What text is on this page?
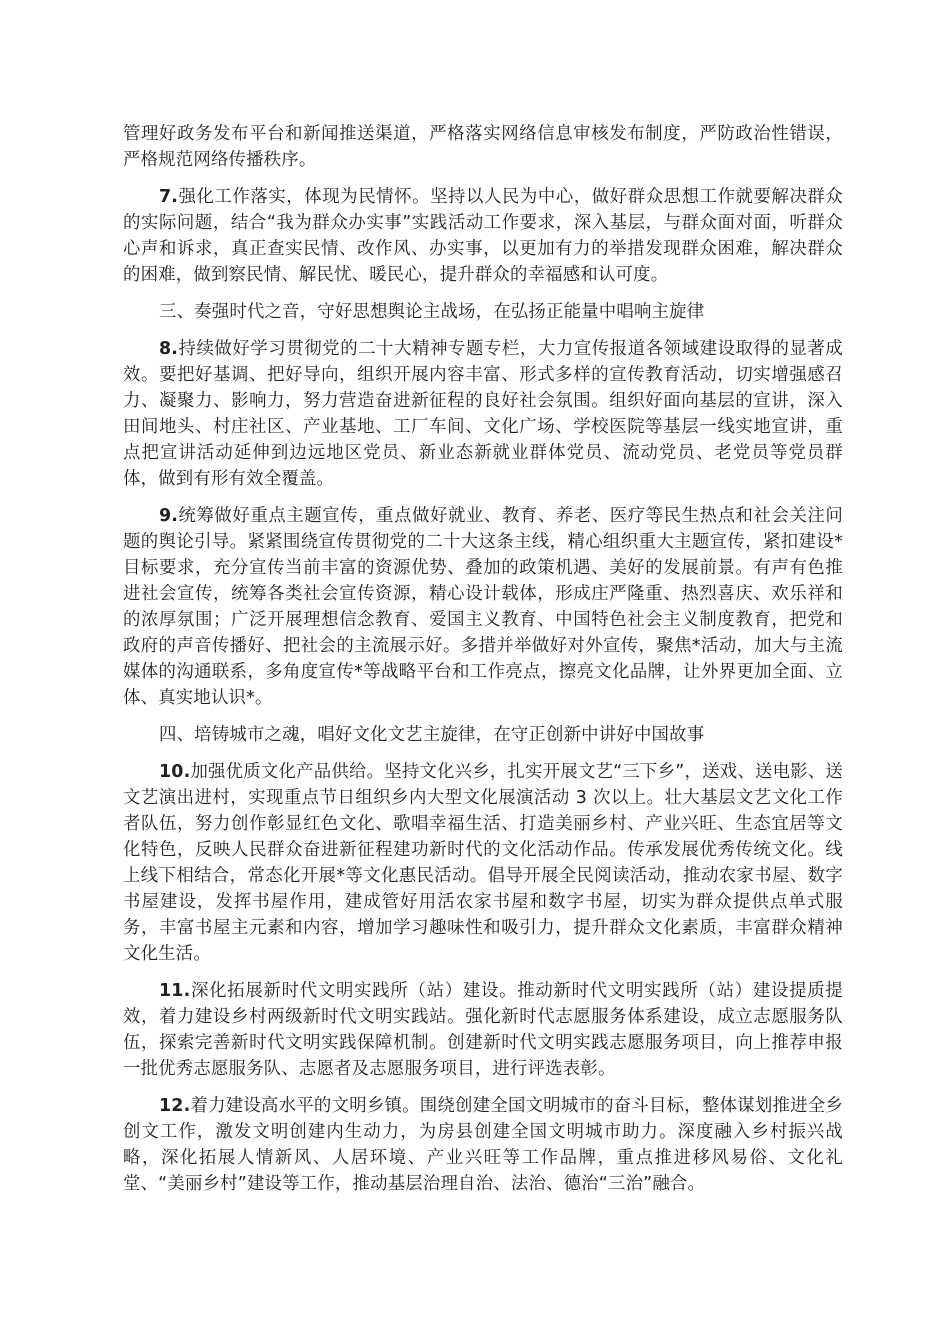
管理好政务发布平台和新闻推送渠道，严格落实网络信息审核发布制度，严防政治性错误，严格规范网络传播秩序。

7.强化工作落实，体现为民情怀。坚持以人民为中心，做好群众思想工作就要解决群众的实际问题，结合“我为群众办实事”实践活动工作要求，深入基层，与群众面对面，听群众心声和诉求，真正查实民情、改作风、办实事，以更加有力的举措发现群众困难，解决群众的困难，做到察民情、解民忧、暖民心，提升群众的幸福感和认可度。

三、奏强时代之音，守好思想舆论主战场，在弘扬正能量中唱响主旋律

8.持续做好学习贯彻党的二十大精神专题专栏，大力宣传报道各领域建设取得的显著成效。要把好基调、把好导向，组织开展内容丰富、形式多样的宣传教育活动，切实增强感召力、凝聚力、影响力，努力营造奋进新征程的良好社会氛围。组织好面向基层的宣讲，深入田间地头、村庄社区、产业基地、工厂车间、文化广场、学校医院等基层一线实地宣讲，重点把宣讲活动延伸到边远地区党员、新业态新就业群体党员、流动党员、老党员等党员群体，做到有形有效全覆盖。

9.统筹做好重点主题宣传，重点做好就业、教育、养老、医疗等民生热点和社会关注问题的舆论引导。紧紧围绕宣传贯彻党的二十大这条主线，精心组织重大主题宣传，紧扣建设*目标要求，充分宣传当前丰富的资源优势、叠加的政策机遇、美好的发展前景。有声有色推进社会宣传，统筹各类社会宣传资源，精心设计载体，形成庄严隆重、热烈喜庆、欢乐祥和的浓厚氛围；广泛开展理想信念教育、爱国主义教育、中国特色社会主义制度教育，把党和政府的声音传播好、把社会的主流展示好。多措并举做好对外宣传，聚焦*活动，加大与主流媒体的沟通联系，多角度宣传*等战略平台和工作亮点，擦亮文化品牌，让外界更加全面、立体、真实地认识*。

四、培铸城市之魂，唱好文化文艺主旋律，在守正创新中讲好中国故事

10.加强优质文化产品供给。坚持文化兴乡，扎实开展文艺“三下乡”，送戏、送电影、送文艺演出进村，实现重点节日组织乡内大型文化展演活动 3 次以上。壮大基层文艺文化工作者队伍，努力创作彰显红色文化、歌唱幸福生活、打造美丽乡村、产业兴旺、生态宜居等文化特色，反映人民群众奋进新征程建功新时代的文化活动作品。传承发展优秀传统文化。线上线下相结合，常态化开展*等文化惠民活动。倡导开展全民阅读活动，推动农家书屋、数字书屋建设，发挥书屋作用，建成管好用活农家书屋和数字书屋，切实为群众提供点单式服务，丰富书屋主元素和内容，增加学习趣味性和吸引力，提升群众文化素质，丰富群众精神文化生活。

11.深化拓展新时代文明实践所（站）建设。推动新时代文明实践所（站）建设提质提效，着力建设乡村两级新时代文明实践站。强化新时代志愿服务体系建设，成立志愿服务队伍，探索完善新时代文明实践保障机制。创建新时代文明实践志愿服务项目，向上推荐申报一批优秀志愿服务队、志愿者及志愿服务项目，进行评选表彰。

12.着力建设高水平的文明乡镇。围绕创建全国文明城市的奋斗目标，整体谋划推进全乡创文工作，激发文明创建内生动力，为房县创建全国文明城市助力。深度融入乡村振兴战略，深化拓展人情新风、人居环境、产业兴旺等工作品牌，重点推进移风易俗、文化礼堂、“美丽乡村”建设等工作，推动基层治理自治、法治、德治“三治”融合。
